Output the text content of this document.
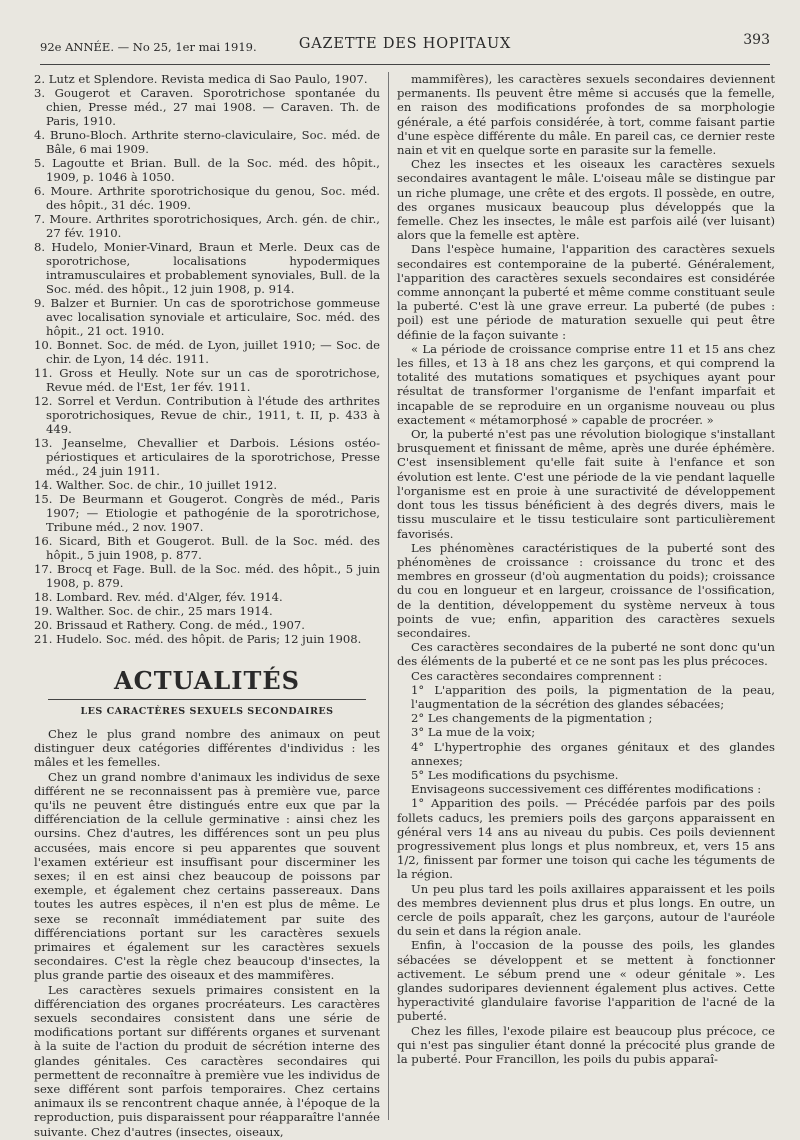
92e ANNÉE. — No 25, 1er mai 1919.	GAZETTE DES HOPITAUX	393

2. Lutz et Splendore. Revista medica di Sao Paulo, 1907.

3. Gougerot et Caraven. Sporotrichose spontanée du chien, Presse méd., 27 mai 1908. — Caraven. Th. de Paris, 1910.

4. Bruno-Bloch. Arthrite sterno-claviculaire, Soc. méd. de Bâle, 6 mai 1909.

5. Lagoutte et Brian. Bull. de la Soc. méd. des hôpit., 1909, p. 1046 à 1050.

6. Moure. Arthrite sporotrichosique du genou, Soc. méd. des hôpit., 31 déc. 1909.

7. Moure. Arthrites sporotrichosiques, Arch. gén. de chir., 27 fév. 1910.

8. Hudelo, Monier-Vinard, Braun et Merle. Deux cas de sporotrichose, localisations hypodermiques intramusculaires et probablement synoviales, Bull. de la Soc. méd. des hôpit., 12 juin 1908, p. 914.

9. Balzer et Burnier. Un cas de sporotrichose gommeuse avec localisation synoviale et articulaire, Soc. méd. des hôpit., 21 oct. 1910.

10. Bonnet. Soc. de méd. de Lyon, juillet 1910; — Soc. de chir. de Lyon, 14 déc. 1911.

11. Gross et Heully. Note sur un cas de sporotrichose, Revue méd. de l'Est, 1er fév. 1911.

12. Sorrel et Verdun. Contribution à l'étude des arthrites sporotrichosiques, Revue de chir., 1911, t. II, p. 433 à 449.

13. Jeanselme, Chevallier et Darbois. Lésions ostéo-périostiques et articulaires de la sporotrichose, Presse méd., 24 juin 1911.

14. Walther. Soc. de chir., 10 juillet 1912.

15. De Beurmann et Gougerot. Congrès de méd., Paris 1907; — Etiologie et pathogénie de la sporotrichose, Tribune méd., 2 nov. 1907.

16. Sicard, Bith et Gougerot. Bull. de la Soc. méd. des hôpit., 5 juin 1908, p. 877.

17. Brocq et Fage. Bull. de la Soc. méd. des hôpit., 5 juin 1908, p. 879.

18. Lombard. Rev. méd. d'Alger, fév. 1914.

19. Walther. Soc. de chir., 25 mars 1914.

20. Brissaud et Rathery. Cong. de méd., 1907.

21. Hudelo. Soc. méd. des hôpit. de Paris; 12 juin 1908.

ACTUALITÉS
LES CARACTÈRES SEXUELS SECONDAIRES

Chez le plus grand nombre des animaux on peut distinguer deux catégories différentes d'individus : les mâles et les femelles.

Chez un grand nombre d'animaux les individus de sexe différent ne se reconnaissent pas à première vue, parce qu'ils ne peuvent être distingués entre eux que par la différenciation de la cellule germinative : ainsi chez les oursins. Chez d'autres, les différences sont un peu plus accusées, mais encore si peu apparentes que souvent l'examen extérieur est insuffisant pour discerminer les sexes; il en est ainsi chez beaucoup de poissons par exemple, et également chez certains passereaux. Dans toutes les autres espèces, il n'en est plus de même. Le sexe se reconnaît immédiatement par suite des différenciations portant sur les caractères sexuels primaires et également sur les caractères sexuels secondaires. C'est la règle chez beaucoup d'insectes, la plus grande partie des oiseaux et des mammifères.

Les caractères sexuels primaires consistent en la différenciation des organes procréateurs. Les caractères sexuels secondaires consistent dans une série de modifications portant sur différents organes et survenant à la suite de l'action du produit de sécrétion interne des glandes génitales. Ces caractères secondaires qui permettent de reconnaître à première vue les individus de sexe différent sont parfois temporaires. Chez certains animaux ils se rencontrent chaque année, à l'époque de la reproduction, puis disparaissent pour réapparaître l'année suivante. Chez d'autres (insectes, oiseaux,

mammifères), les caractères sexuels secondaires deviennent permanents. Ils peuvent être même si accusés que la femelle, en raison des modifications profondes de sa morphologie générale, a été parfois considérée, à tort, comme faisant partie d'une espèce différente du mâle. En pareil cas, ce dernier reste nain et vit en quelque sorte en parasite sur la femelle.

Chez les insectes et les oiseaux les caractères sexuels secondaires avantagent le mâle. L'oiseau mâle se distingue par un riche plumage, une crête et des ergots. Il possède, en outre, des organes musicaux beaucoup plus développés que la femelle. Chez les insectes, le mâle est parfois ailé (ver luisant) alors que la femelle est aptère.

Dans l'espèce humaine, l'apparition des caractères sexuels secondaires est contemporaine de la puberté. Généralement, l'apparition des caractères sexuels secondaires est considérée comme annonçant la puberté et même comme constituant seule la puberté. C'est là une grave erreur. La puberté (de pubes : poil) est une période de maturation sexuelle qui peut être définie de la façon suivante :

« La période de croissance comprise entre 11 et 15 ans chez les filles, et 13 à 18 ans chez les garçons, et qui comprend la totalité des mutations somatiques et psychiques ayant pour résultat de transformer l'organisme de l'enfant imparfait et incapable de se reproduire en un organisme nouveau ou plus exactement « métamorphosé » capable de procréer. »

Or, la puberté n'est pas une révolution biologique s'installant brusquement et finissant de même, après une durée éphémère. C'est insensiblement qu'elle fait suite à l'enfance et son évolution est lente. C'est une période de la vie pendant laquelle l'organisme est en proie à une suractivité de développement dont tous les tissus bénéficient à des degrés divers, mais le tissu musculaire et le tissu testiculaire sont particulièrement favorisés.

Les phénomènes caractéristiques de la puberté sont des phénomènes de croissance : croissance du tronc et des membres en grosseur (d'où augmentation du poids); croissance du cou en longueur et en largeur, croissance de l'ossification, de la dentition, développement du système nerveux à tous points de vue; enfin, apparition des caractères sexuels secondaires.

Ces caractères secondaires de la puberté ne sont donc qu'un des éléments de la puberté et ce ne sont pas les plus précoces.

Ces caractères secondaires comprennent :

1° L'apparition des poils, la pigmentation de la peau, l'augmentation de la sécrétion des glandes sébacées;

2° Les changements de la pigmentation ;

3° La mue de la voix;

4° L'hypertrophie des organes génitaux et des glandes annexes;

5° Les modifications du psychisme.

Envisageons successivement ces différentes modifications :

1° Apparition des poils. — Précédée parfois par des poils follets caducs, les premiers poils des garçons apparaissent en général vers 14 ans au niveau du pubis. Ces poils deviennent progressivement plus longs et plus nombreux, et, vers 15 ans 1/2, finissent par former une toison qui cache les téguments de la région.

Un peu plus tard les poils axillaires apparaissent et les poils des membres deviennent plus drus et plus longs. En outre, un cercle de poils apparaît, chez les garçons, autour de l'auréole du sein et dans la région anale.

Enfin, à l'occasion de la pousse des poils, les glandes sébacées se développent et se mettent à fonctionner activement. Le sébum prend une « odeur génitale ». Les glandes sudoripares deviennent également plus actives. Cette hyperactivité glandulaire favorise l'apparition de l'acné de la puberté.

Chez les filles, l'exode pilaire est beaucoup plus précoce, ce qui n'est pas singulier étant donné la précocité plus grande de la puberté. Pour Francillon, les poils du pubis apparaî-
